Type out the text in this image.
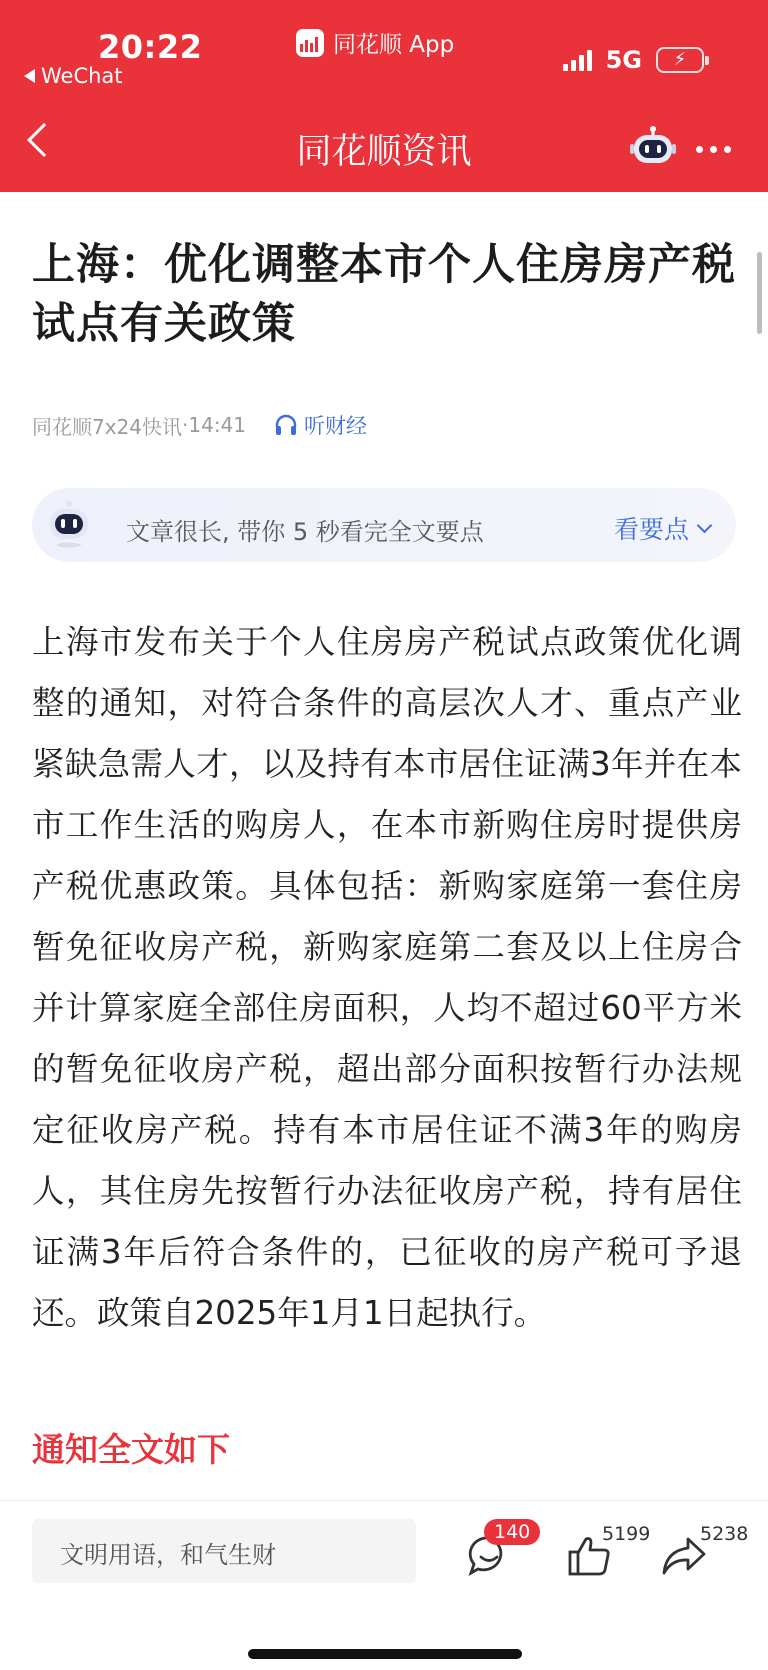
20:22
WeChat
同花顺 App
5G ⚡
同花顺资讯
上海：优化调整本市个人住房房产税试点有关政策
同花顺7x24快讯 · 14:41	听财经
文章很长, 带你 5 秒看完全文要点	看要点

上海市发布关于个人住房房产税试点政策优化调整的通知，对符合条件的高层次人才、重点产业紧缺急需人才，以及持有本市居住证满3年并在本市工作生活的购房人，在本市新购住房时提供房产税优惠政策。具体包括：新购家庭第一套住房暂免征收房产税，新购家庭第二套及以上住房合并计算家庭全部住房面积，人均不超过60平方米的暂免征收房产税，超出部分面积按暂行办法规定征收房产税。持有本市居住证不满3年的购房人，其住房先按暂行办法征收房产税，持有居住证满3年后符合条件的，已征收的房产税可予退还。政策自2025年1月1日起执行。

通知全文如下
文明用语，和气生财
140	5199	5238
